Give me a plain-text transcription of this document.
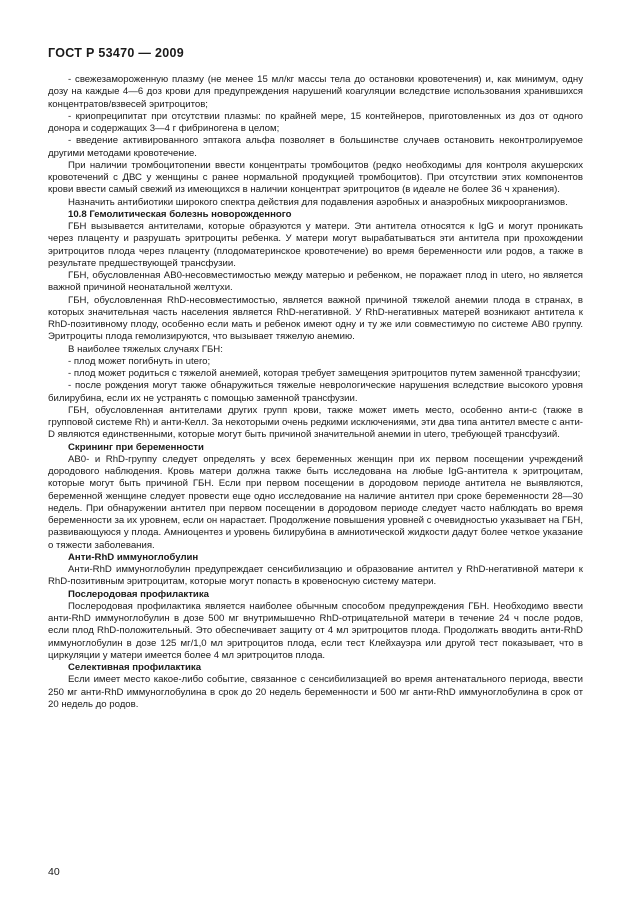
ГОСТ Р 53470 — 2009

- свежезамороженную плазму (не менее 15 мл/кг массы тела до остановки кровотечения) и, как минимум, одну дозу на каждые 4—6 доз крови для предупреждения нарушений коагуляции вследствие использования хранившихся концентратов/взвесей эритроцитов;

- криопреципитат при отсутствии плазмы: по крайней мере, 15 контейнеров, приготовленных из доз от одного донора и содержащих 3—4 г фибриногена в целом;

- введение активированного эптакога альфа позволяет в большинстве случаев остановить неконтролируемое другими методами кровотечение.

При наличии тромбоцитопении ввести концентраты тромбоцитов (редко необходимы для контроля акушерских кровотечений с ДВС у женщины с ранее нормальной продукцией тромбоцитов). При отсутствии этих компонентов крови ввести самый свежий из имеющихся в наличии концентрат эритроцитов (в идеале не более 36 ч хранения).

Назначить антибиотики широкого спектра действия для подавления аэробных и анаэробных микроорганизмов.

10.8 Гемолитическая болезнь новорожденного

ГБН вызывается антителами, которые образуются у матери. Эти антитела относятся к IgG и могут проникать через плаценту и разрушать эритроциты ребенка. У матери могут вырабатываться эти антитела при прохождении эритроцитов плода через плаценту (плодоматеринское кровотечение) во время беременности или родов, а также в результате предшествующей трансфузии.

ГБН, обусловленная AB0-несовместимостью между матерью и ребенком, не поражает плод in utero, но является важной причиной неонатальной желтухи.

ГБН, обусловленная RhD-несовместимостью, является важной причиной тяжелой анемии плода в странах, в которых значительная часть населения является RhD-негативной. У RhD-негативных матерей возникают антитела к RhD-позитивному плоду, особенно если мать и ребенок имеют одну и ту же или совместимую по системе АВ0 группу. Эритроциты плода гемолизируются, что вызывает тяжелую анемию.

В наиболее тяжелых случаях ГБН:

- плод может погибнуть in utero;

- плод может родиться с тяжелой анемией, которая требует замещения эритроцитов путем заменной трансфузии;

- после рождения могут также обнаружиться тяжелые неврологические нарушения вследствие высокого уровня билирубина, если их не устранять с помощью заменной трансфузии.

ГБН, обусловленная антителами других групп крови, также может иметь место, особенно анти-с (также в групповой системе Rh) и анти-Келл. За некоторыми очень редкими исключениями, эти два типа антител вместе с анти-D являются единственными, которые могут быть причиной значительной анемии in utero, требующей трансфузий.

Скрининг при беременности

АВ0- и RhD-группу следует определять у всех беременных женщин при их первом посещении учреждений дородового наблюдения. Кровь матери должна также быть исследована на любые IgG-антитела к эритроцитам, которые могут быть причиной ГБН. Если при первом посещении в дородовом периоде антитела не выявляются, беременной женщине следует провести еще одно исследование на наличие антител при сроке беременности 28—30 недель. При обнаружении антител при первом посещении в дородовом периоде следует часто наблюдать во время беременности за их уровнем, если он нарастает. Продолжение повышения уровней с очевидностью указывает на ГБН, развивающуюся у плода. Амниоцентез и уровень билирубина в амниотической жидкости дадут более четкое указание о тяжести заболевания.

Анти-RhD иммуноглобулин

Анти-RhD иммуноглобулин предупреждает сенсибилизацию и образование антител у RhD-негативной матери к RhD-позитивным эритроцитам, которые могут попасть в кровеносную систему матери.

Послеродовая профилактика

Послеродовая профилактика является наиболее обычным способом предупреждения ГБН. Необходимо ввести анти-RhD иммуноглобулин в дозе 500 мг внутримышечно RhD-отрицательной матери в течение 24 ч после родов, если плод RhD-положительный. Это обеспечивает защиту от 4 мл эритроцитов плода. Продолжать вводить анти-RhD иммуноглобулин в дозе 125 мг/1,0 мл эритроцитов плода, если тест Клейхауэра или другой тест показывает, что в циркуляции у матери имеется более 4 мл эритроцитов плода.

Селективная профилактика

Если имеет место какое-либо событие, связанное с сенсибилизацией во время антенатального периода, ввести 250 мг анти-RhD иммуноглобулина в срок до 20 недель беременности и 500 мг анти-RhD иммуноглобулина в срок от 20 недель до родов.

40
